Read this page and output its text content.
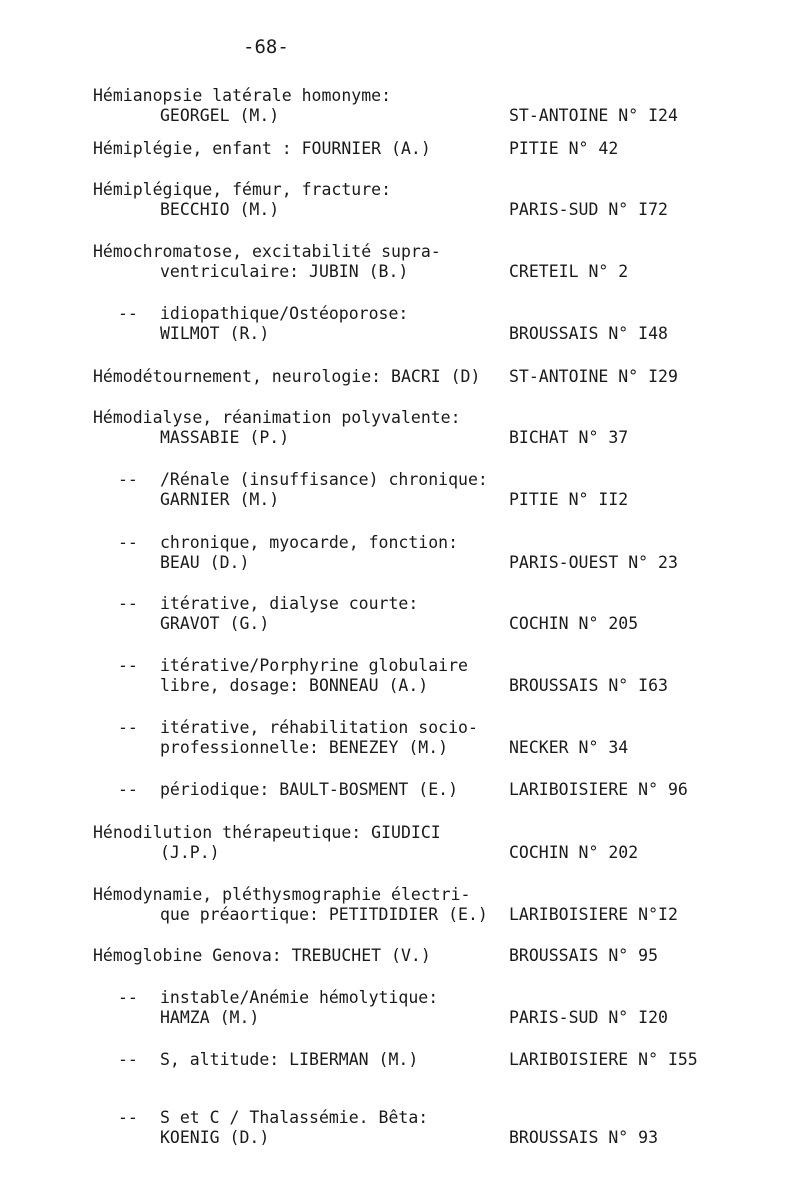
-68-
Hémianopsie latérale homonyme:
GEORGEL (M.)	ST-ANTOINE N° I24
Hémiplégie, enfant : FOURNIER (A.)	PITIE N° 42
Hémiplégique, fémur, fracture:
BECCHIO (M.)	PARIS-SUD N° I72
Hémochromatose, excitabilité supra-
ventriculaire: JUBIN (B.)	CRETEIL N° 2
-- idiopathique/Ostéoporose:
WILMOT (R.)	BROUSSAIS N° I48
Hémodétournement, neurologie: BACRI (D) ST-ANTOINE N° I29
Hémodialyse, réanimation polyvalente:
MASSABIE (P.)	BICHAT N° 37
-- /Rénale (insuffisance) chronique:
GARNIER (M.)	PITIE N° II2
-- chronique, myocarde, fonction:
BEAU (D.)	PARIS-OUEST N° 23
-- itérative, dialyse courte:
GRAVOT (G.)	COCHIN N° 205
-- itérative/Porphyrine globulaire
libre, dosage: BONNEAU (A.)	BROUSSAIS N° I63
-- itérative, réhabilitation socio-
professionnelle: BENEZEY (M.)	NECKER N° 34
-- périodique: BAULT-BOSMENT (E.)	LARIBOISIERE N° 96
Hénodilution thérapeutique: GIUDICI
(J.P.)	COCHIN N° 202
Hémodynamie, pléthysmographie électri-
que préaortique: PETITDIDIER (E.) LARIBOISIERE N°I2
Hémoglobine Genova: TREBUCHET (V.)	BROUSSAIS N° 95
-- instable/Anémie hémolytique:
HAMZA (M.)	PARIS-SUD N° I20
-- S, altitude: LIBERMAN (M.)	LARIBOISIERE N° I55
-- S et C / Thalassémie. Bêta:
KOENIG (D.)	BROUSSAIS N° 93
